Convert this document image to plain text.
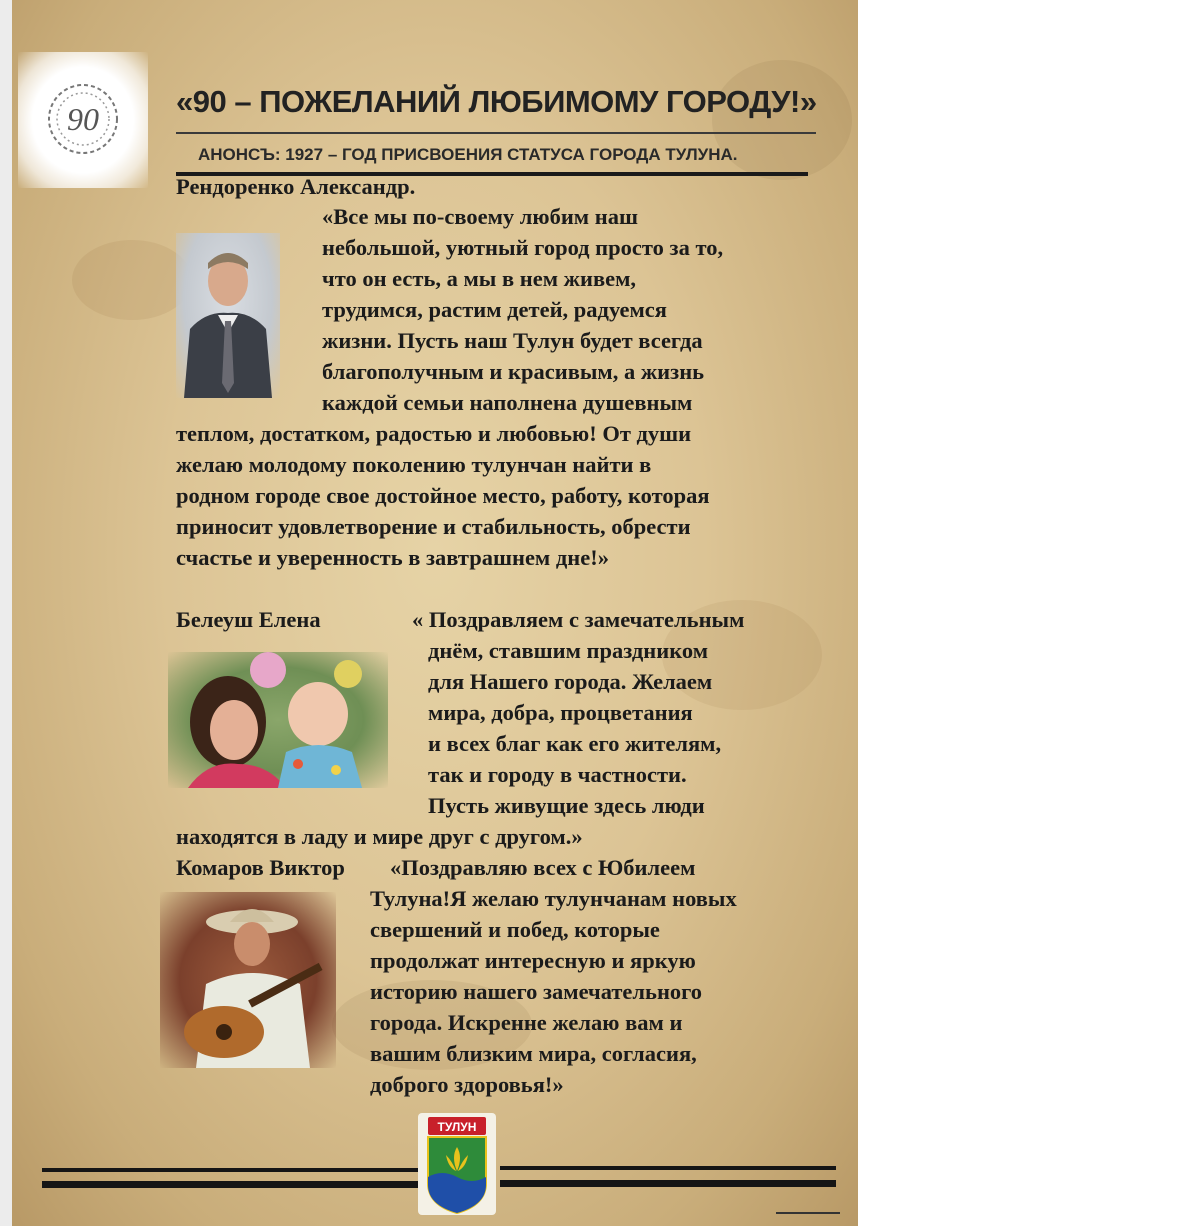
90 «90 – ПОЖЕЛАНИЙ ЛЮБИМОМУ ГОРОДУ!»
АНОНСЪ: 1927 – ГОД ПРИСВОЕНИЯ СТАТУСА ГОРОДА ТУЛУНА.
Рендоренко Александр.
«Все мы по-своему любим наш
небольшой, уютный город просто за то,
что он есть, а мы в нем живем,
трудимся, растим детей, радуемся
жизни. Пусть наш Тулун будет всегда
благополучным и красивым, а жизнь
каждой семьи наполнена душевным
теплом, достатком, радостью и любовью! От души
желаю молодому поколению тулунчан найти в
родном городе свое достойное место, работу, которая
приносит удовлетворение и стабильность, обрести
счастье и уверенность в завтрашнем дне!»
Белеуш Елена	« Поздравляем с замечательным
днём, ставшим праздником
для Нашего города. Желаем
мира, добра, процветания
и всех благ как его жителям,
так и городу в частности.
Пусть живущие здесь люди
находятся в ладу и мире друг с другом.»
Комаров Виктор «Поздравляю всех с Юбилеем
Тулуна!Я желаю тулунчанам новых
свершений и побед, которые
продолжат интересную и яркую
историю нашего замечательного
города. Искренне желаю вам и
вашим близким мира, согласия,
доброго здоровья!»
ТУЛУН
